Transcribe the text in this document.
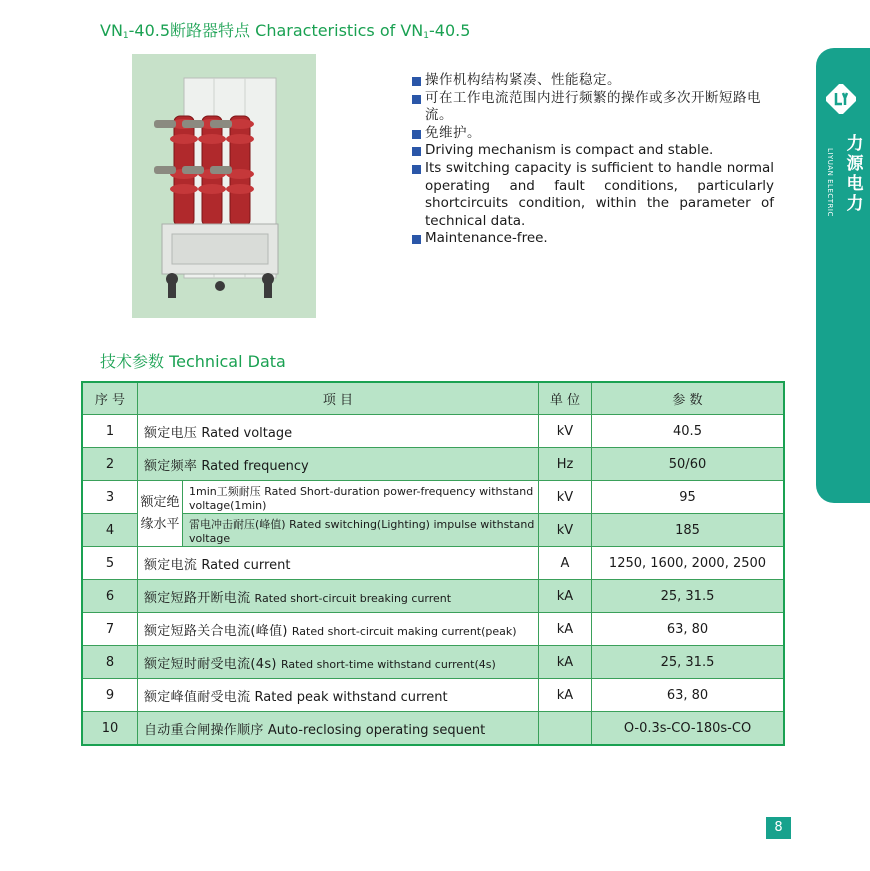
$VN_1-40.5$断路器特点 Characteristics of $VN_1-40.5$
操作机构结构紧凑、性能稳定。
可在工作电流范围内进行频繁的操作或多次开断短路电流。
免维护。
Driving mechanism is compact and stable.
Its switching capacity is sufficient to handle normal operating and fault conditions, particularly shortcircuits condition, within the parameter of technical data.
Maintenance-free.
LIYUAN ELECTRIC
力源电力
技术参数 Technical Data
序 号	项 目		单 位	参 数
1	额定电压 Rated voltage		kV	40.5
2	额定频率 Rated frequency		Hz	50/60
3	额定绝缘水平	1min工频耐压 Rated Short-duration power-frequency withstand voltage(1min)	kV	95
4		雷电冲击耐压(峰值) Rated switching(Lighting) impulse withstand voltage	kV	185
5	额定电流 Rated current		A	1250, 1600, 2000, 2500
6	额定短路开断电流 Rated short-circuit breaking current		kA	25, 31.5
7	额定短路关合电流(峰值) Rated short-circuit making current(peak)		kA	63, 80
8	额定短时耐受电流(4s) Rated short-time withstand current(4s)		kA	25, 31.5
9	额定峰值耐受电流 Rated peak withstand current		kA	63, 80
10	自动重合闸操作顺序 Auto-reclosing operating sequent			O-0.3s-CO-180s-CO
8
